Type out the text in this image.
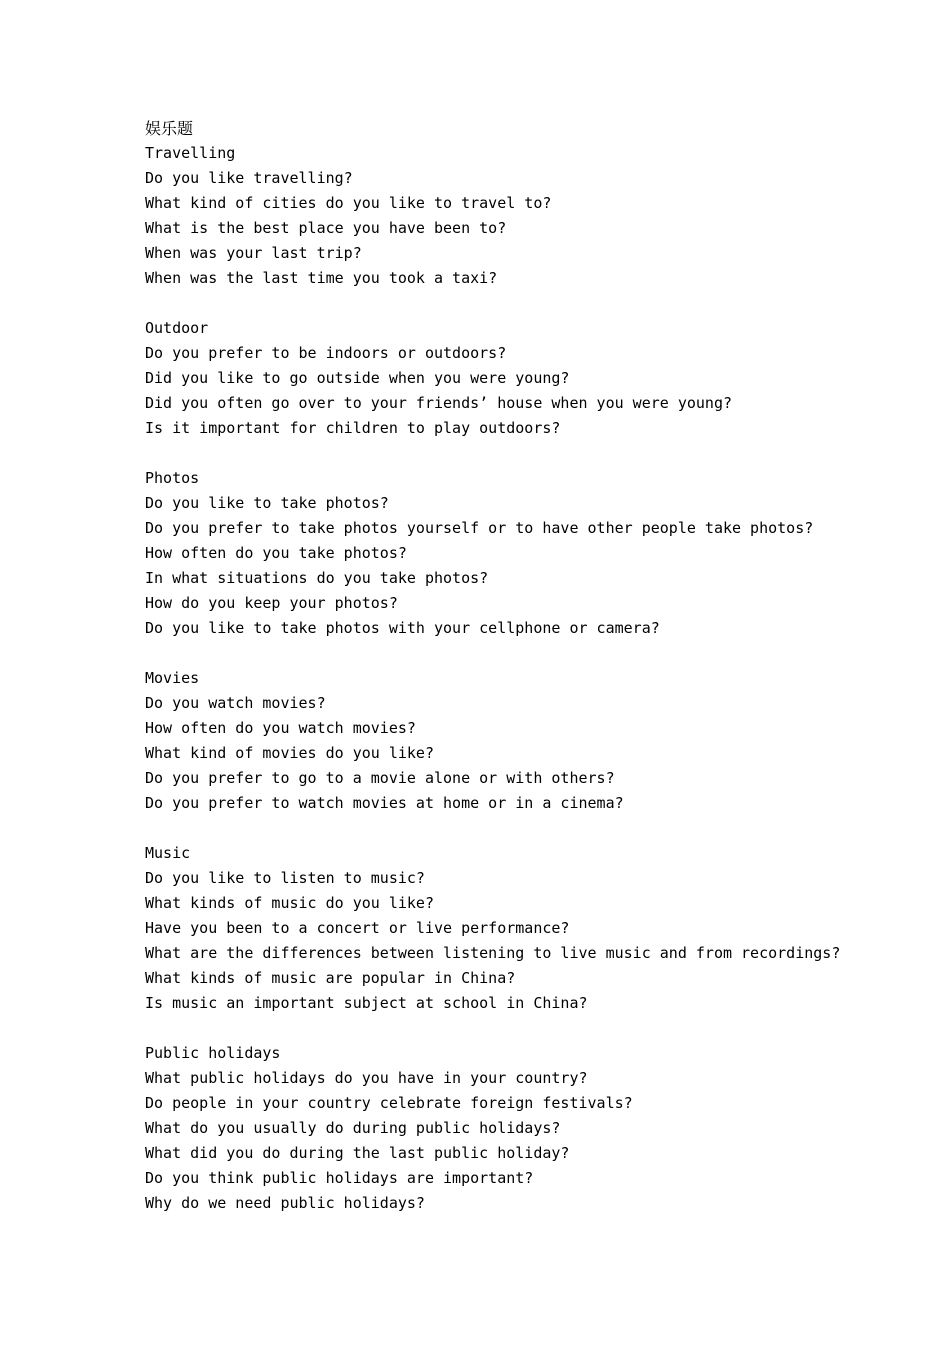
娱乐题
Travelling
Do you like travelling?
What kind of cities do you like to travel to?
What is the best place you have been to?
When was your last trip?
When was the last time you took a taxi?
Outdoor
Do you prefer to be indoors or outdoors?
Did you like to go outside when you were young?
Did you often go over to your friends’ house when you were young?
Is it important for children to play outdoors?
Photos
Do you like to take photos?
Do you prefer to take photos yourself or to have other people take photos?
How often do you take photos?
In what situations do you take photos?
How do you keep your photos?
Do you like to take photos with your cellphone or camera?
Movies
Do you watch movies?
How often do you watch movies?
What kind of movies do you like?
Do you prefer to go to a movie alone or with others?
Do you prefer to watch movies at home or in a cinema?
Music
Do you like to listen to music?
What kinds of music do you like?
Have you been to a concert or live performance?
What are the differences between listening to live music and from recordings?
What kinds of music are popular in China?
Is music an important subject at school in China?
Public holidays
What public holidays do you have in your country?
Do people in your country celebrate foreign festivals?
What do you usually do during public holidays?
What did you do during the last public holiday?
Do you think public holidays are important?
Why do we need public holidays?
